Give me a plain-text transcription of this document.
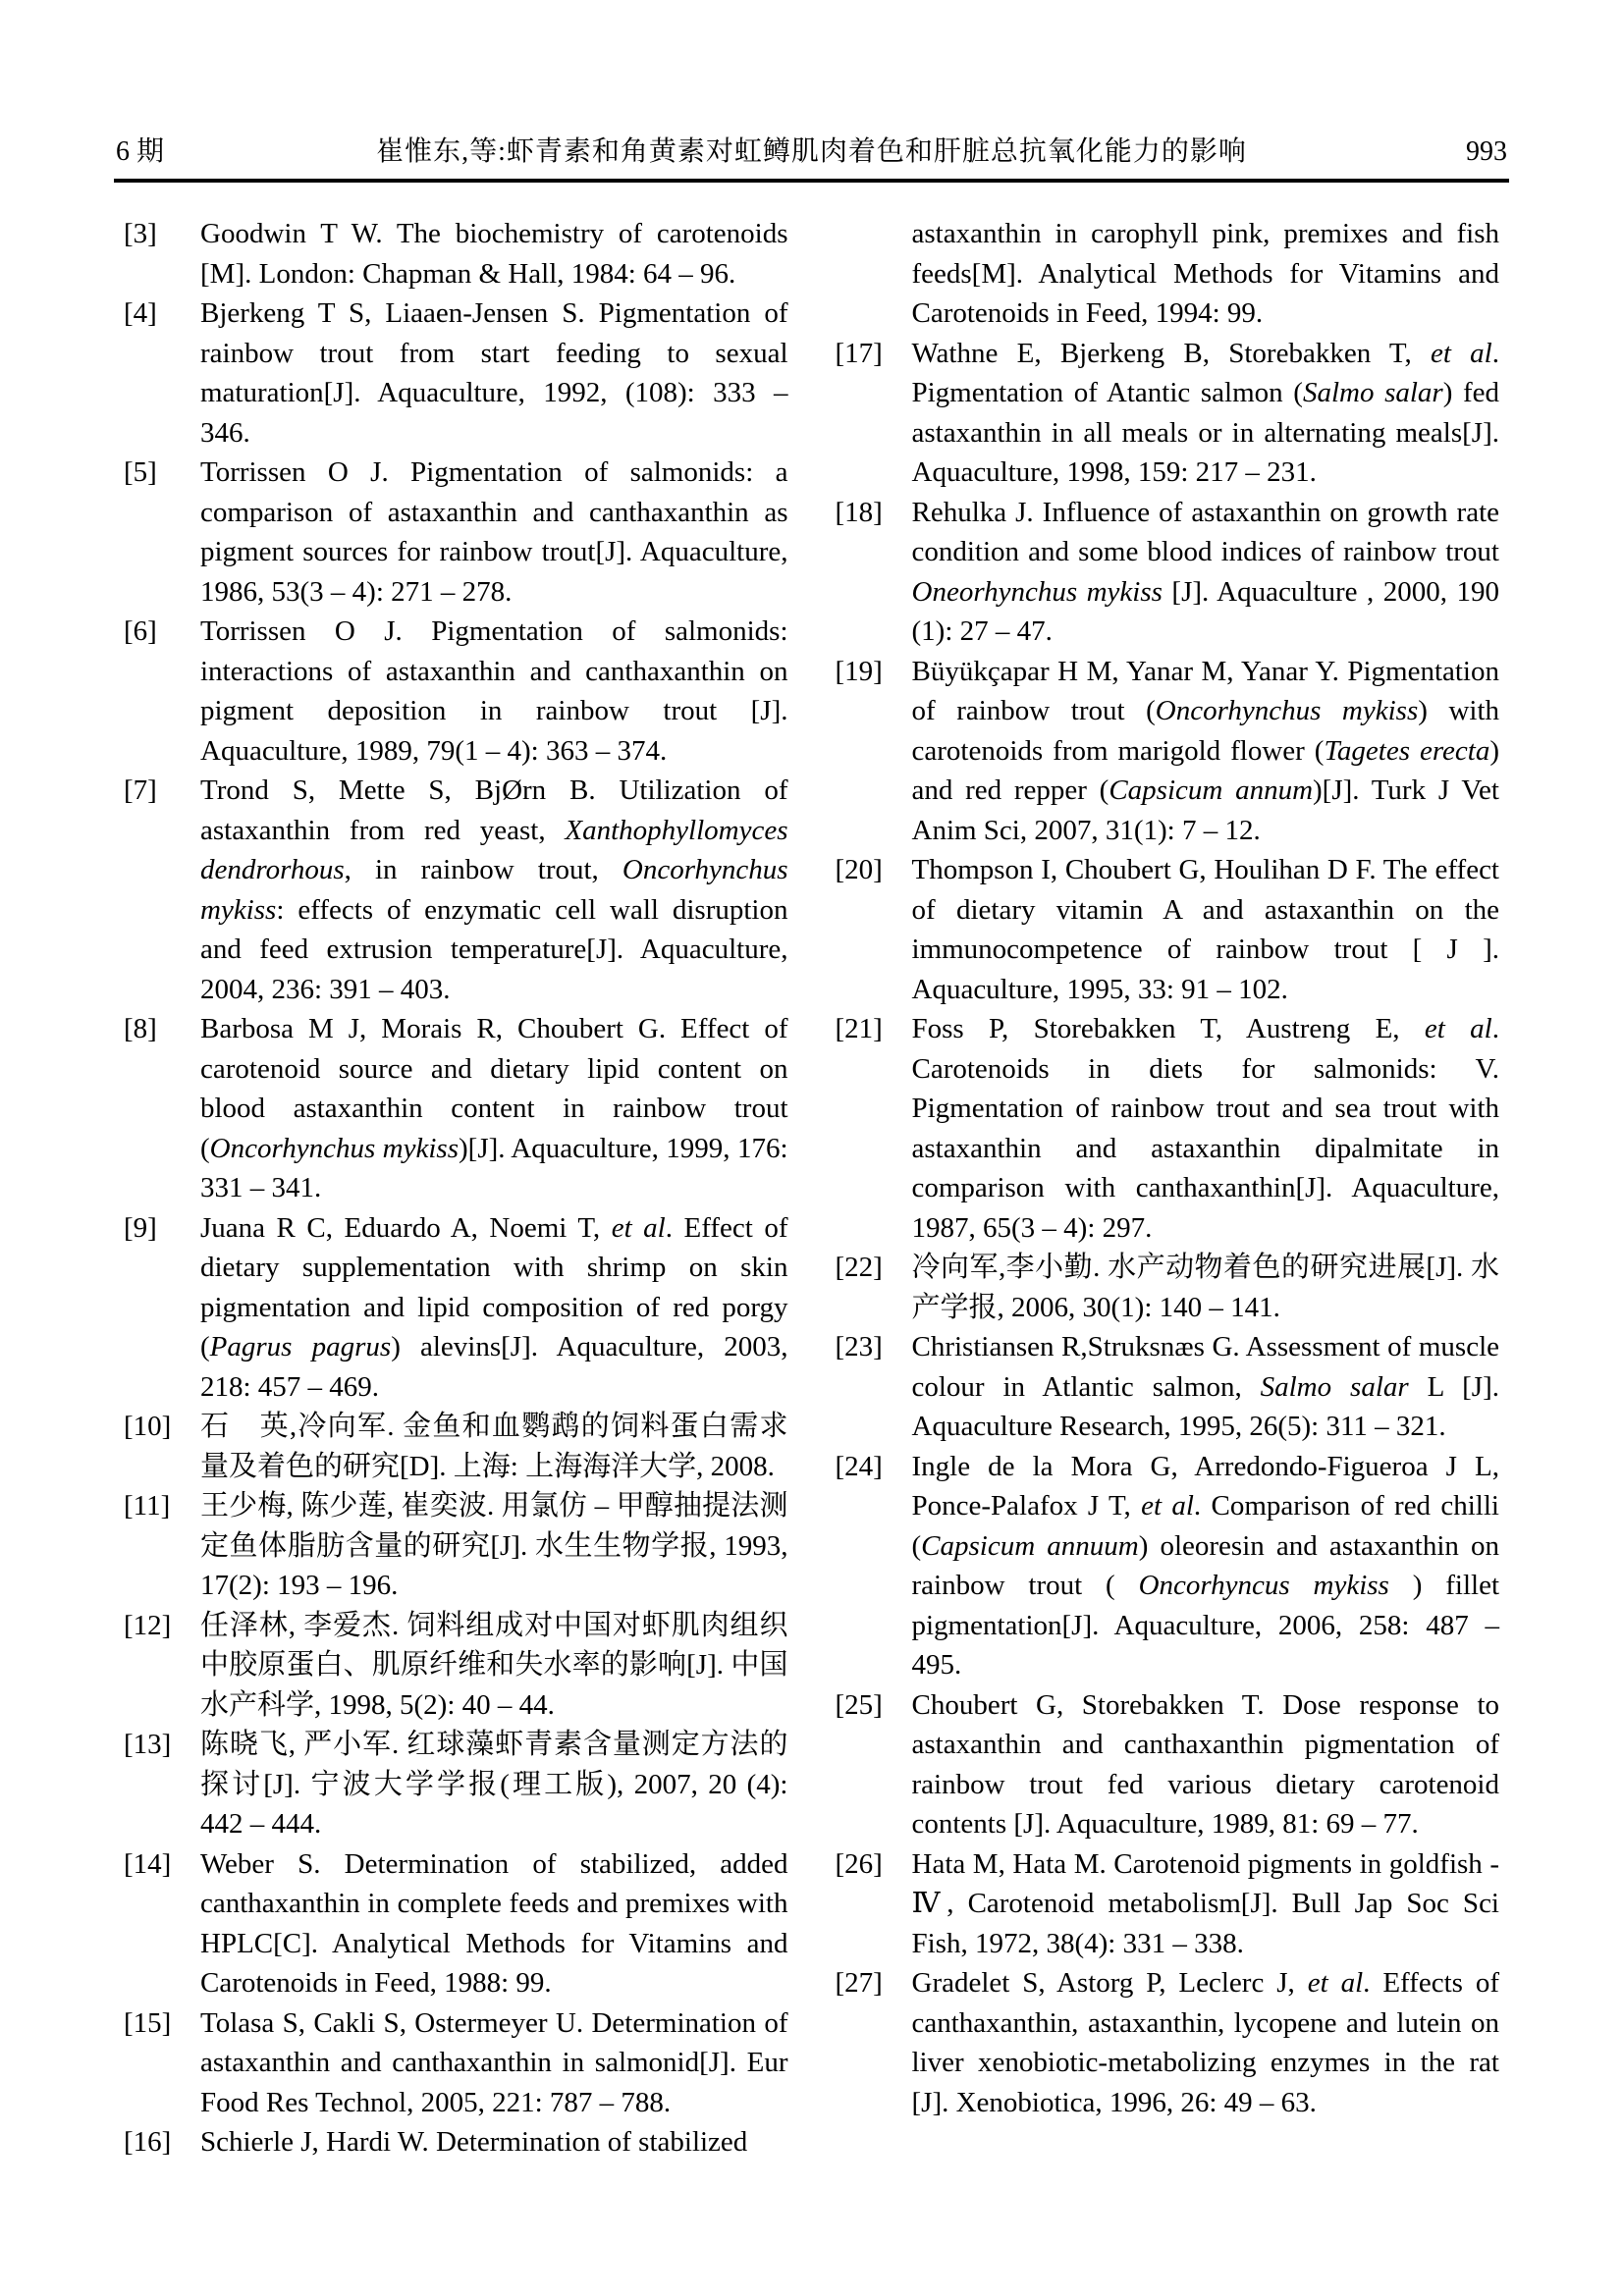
6 期	崔惟东,等:虾青素和角黄素对虹鳟肌肉着色和肝脏总抗氧化能力的影响	993
[3] Goodwin T W. The biochemistry of carotenoids [M]. London: Chapman & Hall, 1984: 64 – 96.
[4] Bjerkeng T S, Liaaen-Jensen S. Pigmentation of rainbow trout from start feeding to sexual maturation[J]. Aquaculture, 1992, (108): 333 – 346.
[5] Torrissen O J. Pigmentation of salmonids: a comparison of astaxanthin and canthaxanthin as pigment sources for rainbow trout[J]. Aquaculture, 1986, 53(3 – 4): 271 – 278.
[6] Torrissen O J. Pigmentation of salmonids: interactions of astaxanthin and canthaxanthin on pigment deposition in rainbow trout [J]. Aquaculture, 1989, 79(1 – 4): 363 – 374.
[7] Trond S, Mette S, BjØrn B. Utilization of astaxanthin from red yeast, Xanthophyllomyces dendrorhous, in rainbow trout, Oncorhynchus mykiss: effects of enzymatic cell wall disruption and feed extrusion temperature[J]. Aquaculture, 2004, 236: 391 – 403.
[8] Barbosa M J, Morais R, Choubert G. Effect of carotenoid source and dietary lipid content on blood astaxanthin content in rainbow trout (Oncorhynchus mykiss)[J]. Aquaculture, 1999, 176: 331 – 341.
[9] Juana R C, Eduardo A, Noemi T, et al. Effect of dietary supplementation with shrimp on skin pigmentation and lipid composition of red porgy (Pagrus pagrus) alevins[J]. Aquaculture, 2003, 218: 457 – 469.
[10] 石　英,冷向军. 金鱼和血鹦鹉的饲料蛋白需求量及着色的研究[D]. 上海: 上海海洋大学, 2008.
[11] 王少梅, 陈少莲, 崔奕波. 用氯仿 – 甲醇抽提法测定鱼体脂肪含量的研究[J]. 水生生物学报, 1993, 17(2): 193 – 196.
[12] 任泽林, 李爱杰. 饲料组成对中国对虾肌肉组织中胶原蛋白、肌原纤维和失水率的影响[J]. 中国水产科学, 1998, 5(2): 40 – 44.
[13] 陈晓飞, 严小军. 红球藻虾青素含量测定方法的探讨[J]. 宁波大学学报(理工版), 2007, 20 (4): 442 – 444.
[14] Weber S. Determination of stabilized, added canthaxanthin in complete feeds and premixes with HPLC[C]. Analytical Methods for Vitamins and Carotenoids in Feed, 1988: 99.
[15] Tolasa S, Cakli S, Ostermeyer U. Determination of astaxanthin and canthaxanthin in salmonid[J]. Eur Food Res Technol, 2005, 221: 787 – 788.
[16] Schierle J, Hardi W. Determination of stabilized
astaxanthin in carophyll pink, premixes and fish feeds[M]. Analytical Methods for Vitamins and Carotenoids in Feed, 1994: 99.
[17] Wathne E, Bjerkeng B, Storebakken T, et al. Pigmentation of Atantic salmon (Salmo salar) fed astaxanthin in all meals or in alternating meals[J]. Aquaculture, 1998, 159: 217 – 231.
[18] Rehulka J. Influence of astaxanthin on growth rate condition and some blood indices of rainbow trout Oneorhynchus mykiss [J]. Aquaculture , 2000, 190 (1): 27 – 47.
[19] Büyükçapar H M, Yanar M, Yanar Y. Pigmentation of rainbow trout (Oncorhynchus mykiss) with carotenoids from marigold flower (Tagetes erecta) and red repper (Capsicum annum)[J]. Turk J Vet Anim Sci, 2007, 31(1): 7 – 12.
[20] Thompson I, Choubert G, Houlihan D F. The effect of dietary vitamin A and astaxanthin on the immunocompetence of rainbow trout [ J ]. Aquaculture, 1995, 33: 91 – 102.
[21] Foss P, Storebakken T, Austreng E, et al. Carotenoids in diets for salmonids: V. Pigmentation of rainbow trout and sea trout with astaxanthin and astaxanthin dipalmitate in comparison with canthaxanthin[J]. Aquaculture, 1987, 65(3 – 4): 297.
[22] 冷向军,李小勤. 水产动物着色的研究进展[J]. 水产学报, 2006, 30(1): 140 – 141.
[23] Christiansen R,Struksnæs G. Assessment of muscle colour in Atlantic salmon, Salmo salar L [J]. Aquaculture Research, 1995, 26(5): 311 – 321.
[24] Ingle de la Mora G, Arredondo-Figueroa J L, Ponce-Palafox J T, et al. Comparison of red chilli (Capsicum annuum) oleoresin and astaxanthin on rainbow trout ( Oncorhyncus mykiss ) fillet pigmentation[J]. Aquaculture, 2006, 258: 487 – 495.
[25] Choubert G, Storebakken T. Dose response to astaxanthin and canthaxanthin pigmentation of rainbow trout fed various dietary carotenoid contents [J]. Aquaculture, 1989, 81: 69 – 77.
[26] Hata M, Hata M. Carotenoid pigments in goldfish - Ⅳ, Carotenoid metabolism[J]. Bull Jap Soc Sci Fish, 1972, 38(4): 331 – 338.
[27] Gradelet S, Astorg P, Leclerc J, et al. Effects of canthaxanthin, astaxanthin, lycopene and lutein on liver xenobiotic-metabolizing enzymes in the rat [J]. Xenobiotica, 1996, 26: 49 – 63.
